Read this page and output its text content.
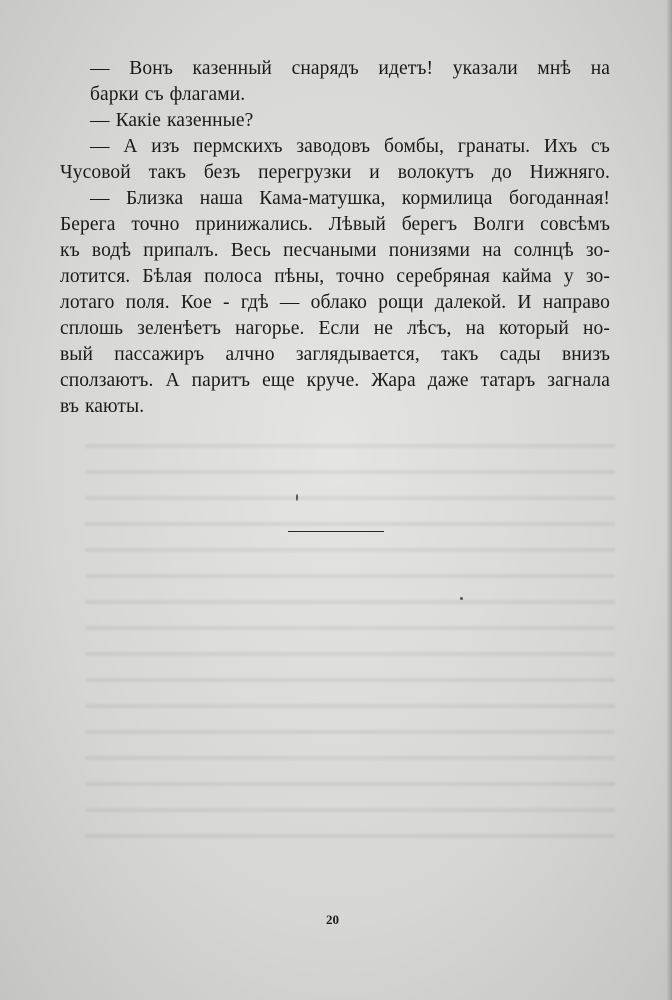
— Вонъ казенный снарядъ идетъ! указали мнѣ на
барки съ флагами.
— Какіе казенные?
— А изъ пермскихъ заводовъ бомбы, гранаты. Ихъ съ
Чусовой такъ безъ перегрузки и волокутъ до Нижняго.
— Близка наша Кама-матушка, кормилица богоданная!
Берега точно принижались. Лѣвый берегъ Волги совсѣмъ
къ водѣ припалъ. Весь песчаными понизями на солнцѣ зо-
лотится. Бѣлая полоса пѣны, точно серебряная кайма у зо-
лотаго поля. Кое - гдѣ — облако рощи далекой. И направо
сплошь зеленѣетъ нагорье. Если не лѣсъ, на который но-
вый пассажиръ алчно заглядывается, такъ сады внизъ
сползаютъ. А паритъ еще круче. Жара даже татаръ загнала
въ каюты.
20
